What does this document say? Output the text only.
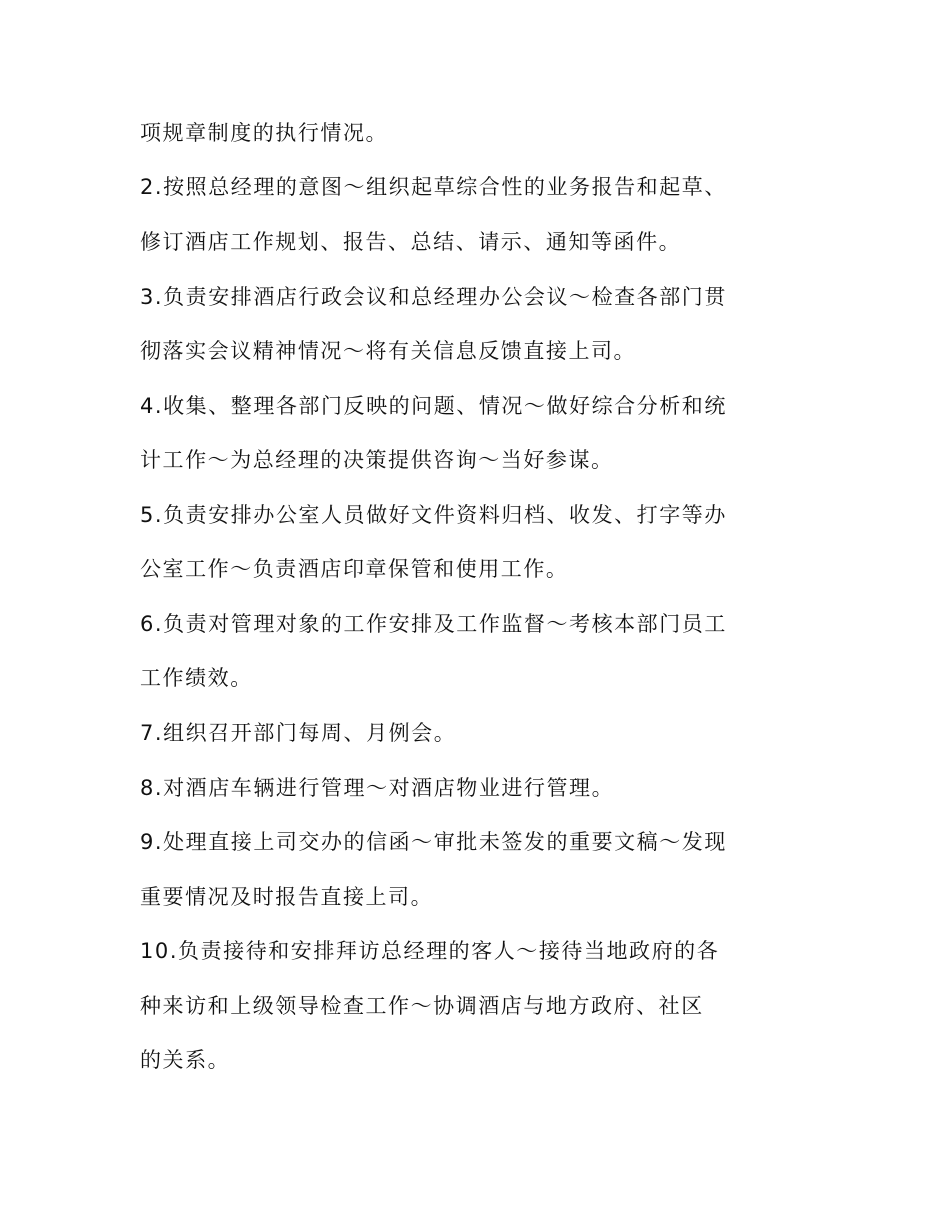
项规章制度的执行情况。
2.按照总经理的意图～组织起草综合性的业务报告和起草、
修订酒店工作规划、报告、总结、请示、通知等函件。
3.负责安排酒店行政会议和总经理办公会议～检查各部门贯
彻落实会议精神情况～将有关信息反馈直接上司。
4.收集、整理各部门反映的问题、情况～做好综合分析和统
计工作～为总经理的决策提供咨询～当好参谋。
5.负责安排办公室人员做好文件资料归档、收发、打字等办
公室工作～负责酒店印章保管和使用工作。
6.负责对管理对象的工作安排及工作监督～考核本部门员工
工作绩效。
7.组织召开部门每周、月例会。
8.对酒店车辆进行管理～对酒店物业进行管理。
9.处理直接上司交办的信函～审批未签发的重要文稿～发现
重要情况及时报告直接上司。
10.负责接待和安排拜访总经理的客人～接待当地政府的各
种来访和上级领导检查工作～协调酒店与地方政府、社区
的关系。
